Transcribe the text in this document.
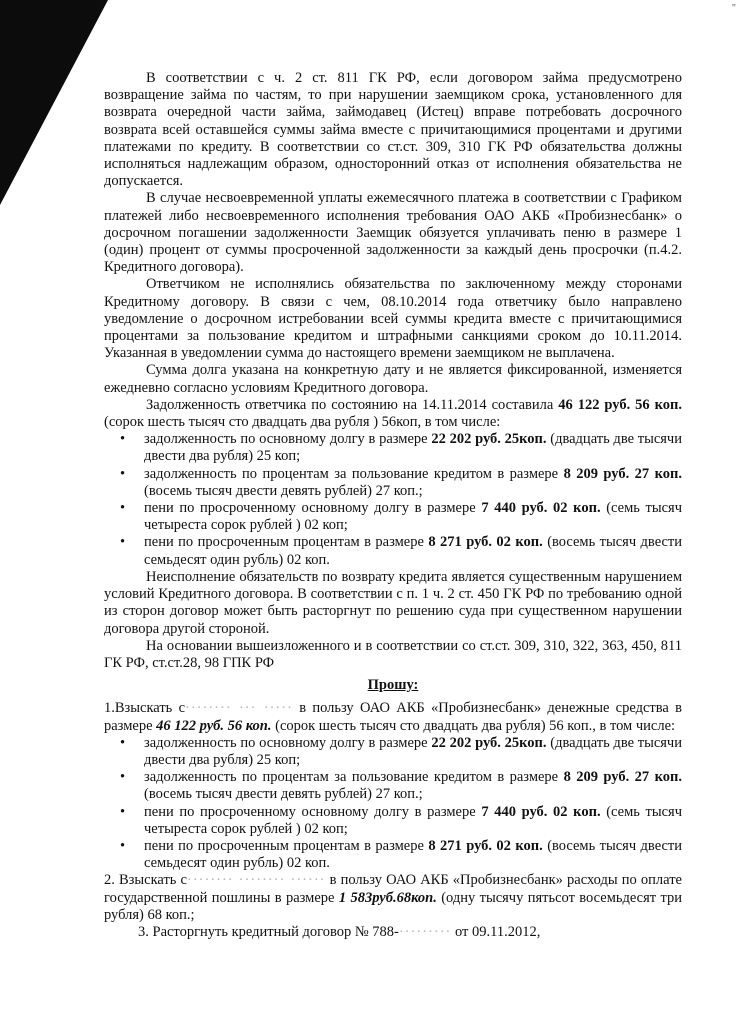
"

В соответствии с ч. 2 ст. 811 ГК РФ, если договором займа предусмотрено возвращение займа по частям, то при нарушении заемщиком срока, установленного для возврата очередной части займа, займодавец (Истец) вправе потребовать досрочного возврата всей оставшейся суммы займа вместе с причитающимися процентами и другими платежами по кредиту. В соответствии со ст.ст. 309, 310 ГК РФ обязательства должны исполняться надлежащим образом, односторонний отказ от исполнения обязательства не допускается.

В случае несвоевременной уплаты ежемесячного платежа в соответствии с Графиком платежей либо несвоевременного исполнения требования ОАО АКБ «Пробизнесбанк» о досрочном погашении задолженности Заемщик обязуется уплачивать пеню в размере 1 (один) процент от суммы просроченной задолженности за каждый день просрочки (п.4.2. Кредитного договора).

Ответчиком не исполнялись обязательства по заключенному между сторонами Кредитному договору. В связи с чем, 08.10.2014 года ответчику было направлено уведомление о досрочном истребовании всей суммы кредита вместе с причитающимися процентами за пользование кредитом и штрафными санкциями сроком до 10.11.2014. Указанная в уведомлении сумма до настоящего времени заемщиком не выплачена.

Сумма долга указана на конкретную дату и не является фиксированной, изменяется ежедневно согласно условиям Кредитного договора.

Задолженность ответчика по состоянию на 14.11.2014 составила 46 122 руб. 56 коп. (сорок шесть тысяч сто двадцать два рубля ) 56коп, в том числе:

• задолженность по основному долгу в размере 22 202 руб. 25коп. (двадцать две тысячи двести два рубля) 25 коп;
• задолженность по процентам за пользование кредитом в размере 8 209 руб. 27 коп. (восемь тысяч двести девять рублей) 27 коп.;
• пени по просроченному основному долгу в размере 7 440 руб. 02 коп. (семь тысяч четыреста сорок рублей ) 02 коп;
• пени по просроченным процентам в размере 8 271 руб. 02 коп. (восемь тысяч двести семьдесят один рубль) 02 коп.

Неисполнение обязательств по возврату кредита является существенным нарушением условий Кредитного договора. В соответствии с п. 1 ч. 2 ст. 450 ГК РФ по требованию одной из сторон договор может быть расторгнут по решению суда при существенном нарушении договора другой стороной.

На основании вышеизложенного и в соответствии со ст.ст. 309, 310, 322, 363, 450, 811 ГК РФ, ст.ст.28, 98 ГПК РФ

Прошу:

1.Взыскать с········ ··· ····· в пользу ОАО АКБ «Пробизнесбанк» денежные средства в размере 46 122 руб. 56 коп. (сорок шесть тысяч сто двадцать два рубля) 56 коп., в том числе:

• задолженность по основному долгу в размере 22 202 руб. 25коп. (двадцать две тысячи двести два рубля) 25 коп;
• задолженность по процентам за пользование кредитом в размере 8 209 руб. 27 коп. (восемь тысяч двести девять рублей) 27 коп.;
• пени по просроченному основному долгу в размере 7 440 руб. 02 коп. (семь тысяч четыреста сорок рублей ) 02 коп;
• пени по просроченным процентам в размере 8 271 руб. 02 коп. (восемь тысяч двести семьдесят один рубль) 02 коп.

2. Взыскать с········ ········ ······ в пользу ОАО АКБ «Пробизнесбанк» расходы по оплате государственной пошлины в размере 1 583руб.68коп. (одну тысячу пятьсот восемьдесят три рубля) 68 коп.;

3. Расторгнуть кредитный договор № 788-········· от 09.11.2012,
